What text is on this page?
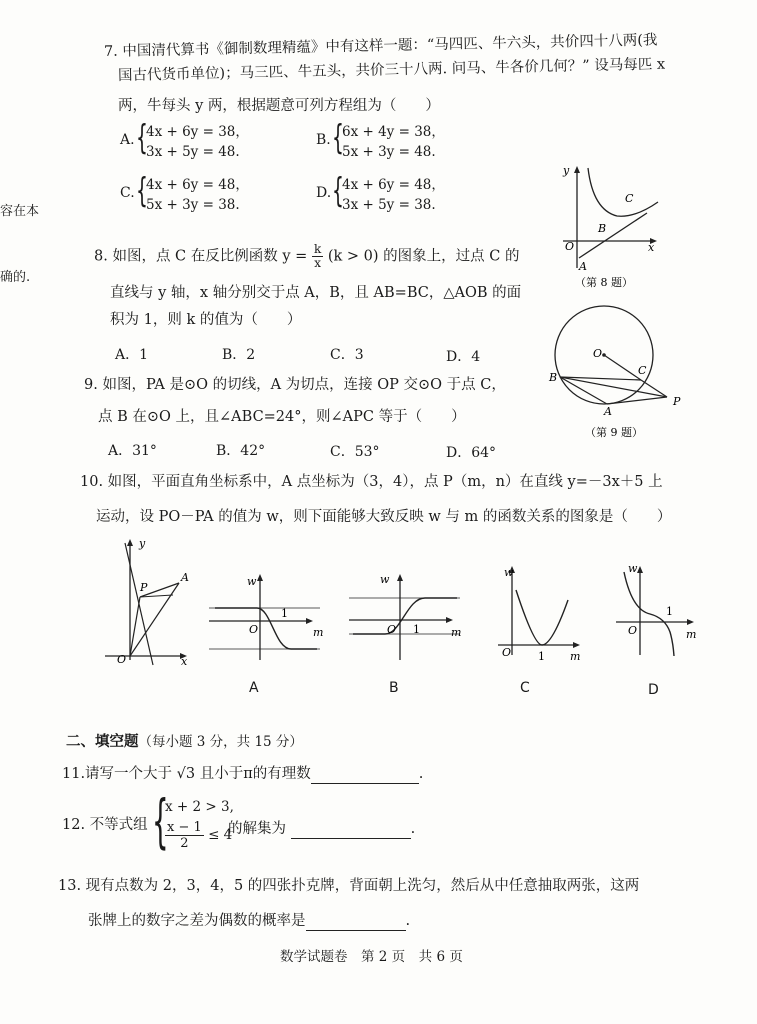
容在本
确的.
7. 中国清代算书《御制数理精蕴》中有这样一题：“马四匹、牛六头，共价四十八两(我
国古代货币单位)；马三匹、牛五头，共价三十八两. 问马、牛各价几何？” 设马每匹 x
两，牛每头 y 两，根据题意可列方程组为（　　）
A. {
4x + 6y = 38，
3x + 5y = 48.
B. {
6x + 4y = 38，
5x + 3y = 48.
C. {
4x + 6y = 48，
5x + 3y = 38.
D. {
4x + 6y = 48，
3x + 5y = 38.
y
x
O
A
B
C
（第 8 题）
8. 如图，点 C 在反比例函数 $y = \frac{k}{x} (k > 0)$ 的图象上，过点 C 的
直线与 y 轴，x 轴分别交于点 A，B，且 AB=BC，△AOB 的面
积为 1，则 k 的值为（　　）
A．1	B．2	C．3	D．4	O
B
C
A
P
（第 9 题）
9. 如图，PA 是⊙O 的切线，A 为切点，连接 OP 交⊙O 于点 C，
点 B 在⊙O 上，且∠ABC=24°，则∠APC 等于（　　）
A．31°	B．42°	C．53°	D．64°
10. 如图，平面直角坐标系中，A 点坐标为（3，4），点 P（m，n）在直线 y=－3x＋5 上
运动，设 PO－PA 的值为 w，则下面能够大致反映 w 与 m 的函数关系的图象是（　　）
y
x
O
P
A	w
O
1
m
A
w
O 1	m
B
w
O 1 m
C
w
O
1
m
D
二、填空题（每小题 3 分，共 15 分）
11.请写一个大于 √3 且小于π的有理数	.
12. 不等式组 {
x + 2 > 3,
$\frac{x - 1}{2} \le 4$
的解集为	.
13. 现有点数为 2，3，4，5 的四张扑克牌，背面朝上洗匀，然后从中任意抽取两张，这两
张牌上的数字之差为偶数的概率是	.
数学试题卷　第 2 页　共 6 页
